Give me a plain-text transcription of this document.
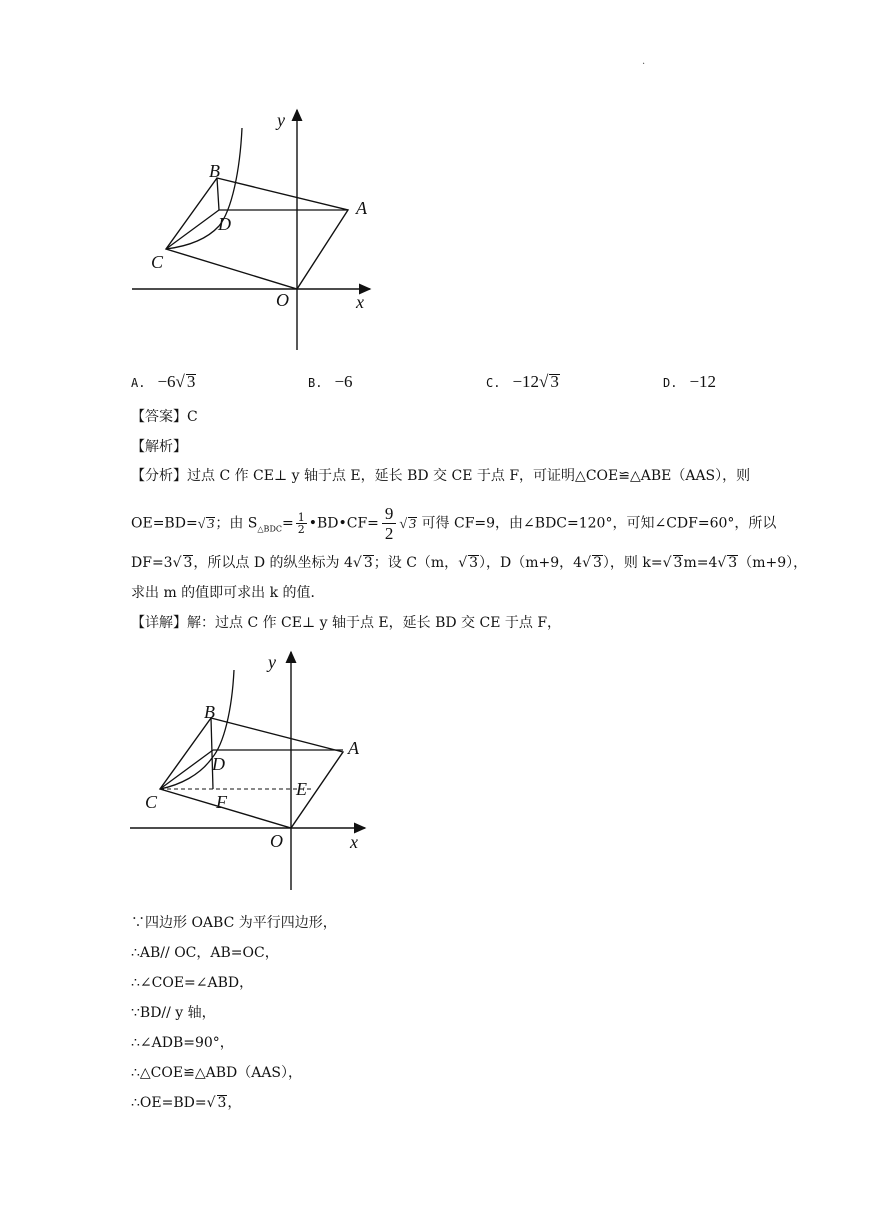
.
y
x
B
D
A
C
O
A. −6√ 3	B. −6	C. −12√ 3	D. −12
【答案】C
【解析】
【分析】过点 C 作 CE⊥ y 轴于点 E，延长 BD 交 CE 于点 F，可证明△COE≌△ABE（AAS），则
OE=BD=√ 3；由 $S_{\triangle BDC}= \frac{1}{2}$ •BD•CF= $\frac{9}{2}$ √ 3 可得 CF=9，由∠BDC=120°，可知∠CDF=60°，所以
DF=3√ 3，所以点 D 的纵坐标为 4√ 3；设 C（m，√ 3），D（m+9，4√ 3），则 k=√ 3m=4√ 3（m+9），
求出 m 的值即可求出 k 的值．
【详解】解：过点 C 作 CE⊥ y 轴于点 E，延长 BD 交 CE 于点 F，
y
x
B
D
A
C
O
E
F
∵四边形 OABC 为平行四边形，
∴AB// OC，AB=OC，
∴∠COE=∠ABD，
∵BD// y 轴，
∴∠ADB=90°，
∴△COE≌△ABD（AAS），
∴OE=BD=√ 3，
